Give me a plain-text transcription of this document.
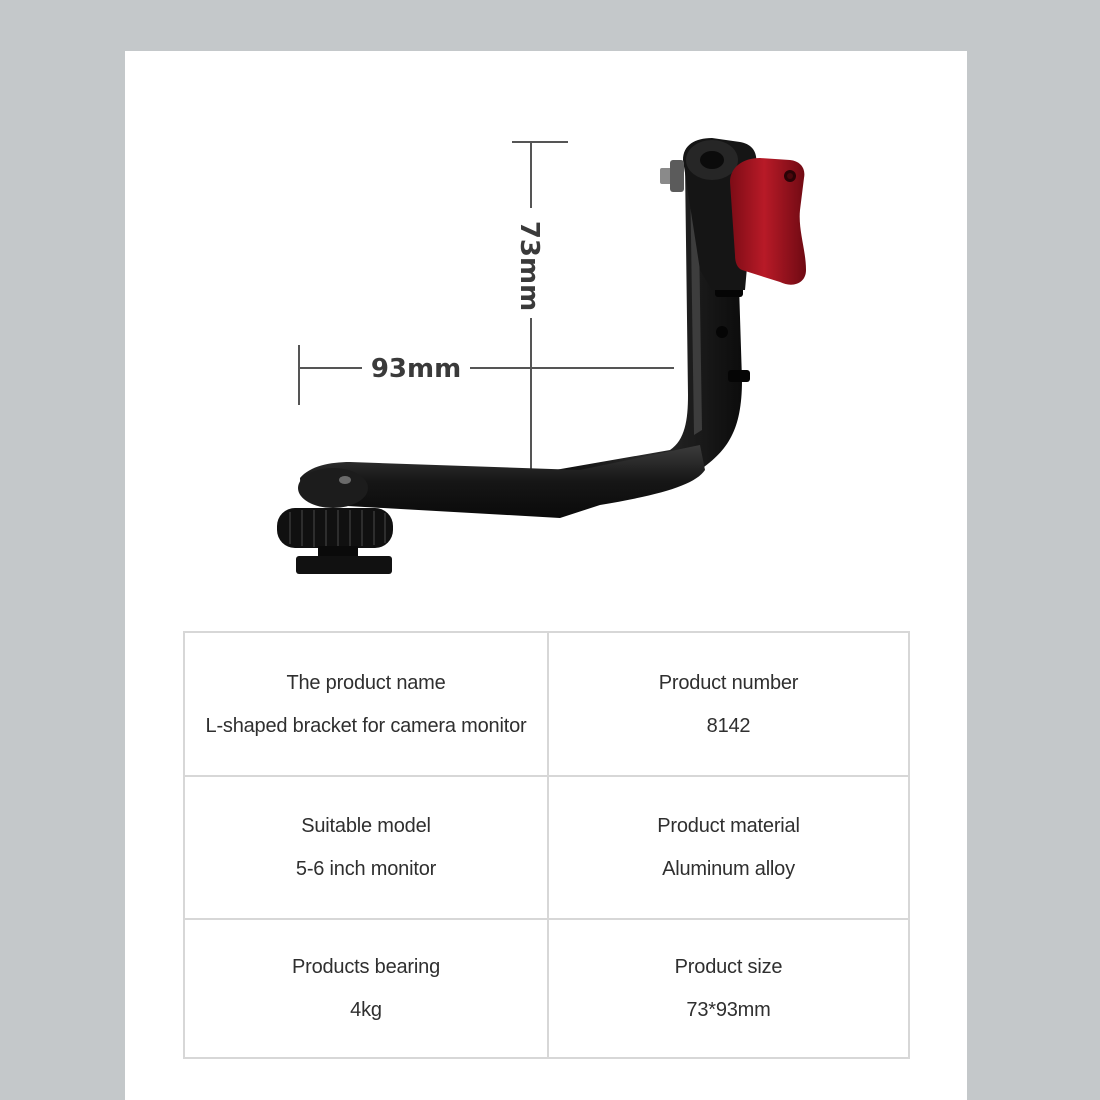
93mm
73mm
The product name
L-shaped bracket for camera monitor
Product number
8142
Suitable model
5-6 inch monitor
Product material
Aluminum alloy
Products bearing
4kg
Product size
73*93mm
